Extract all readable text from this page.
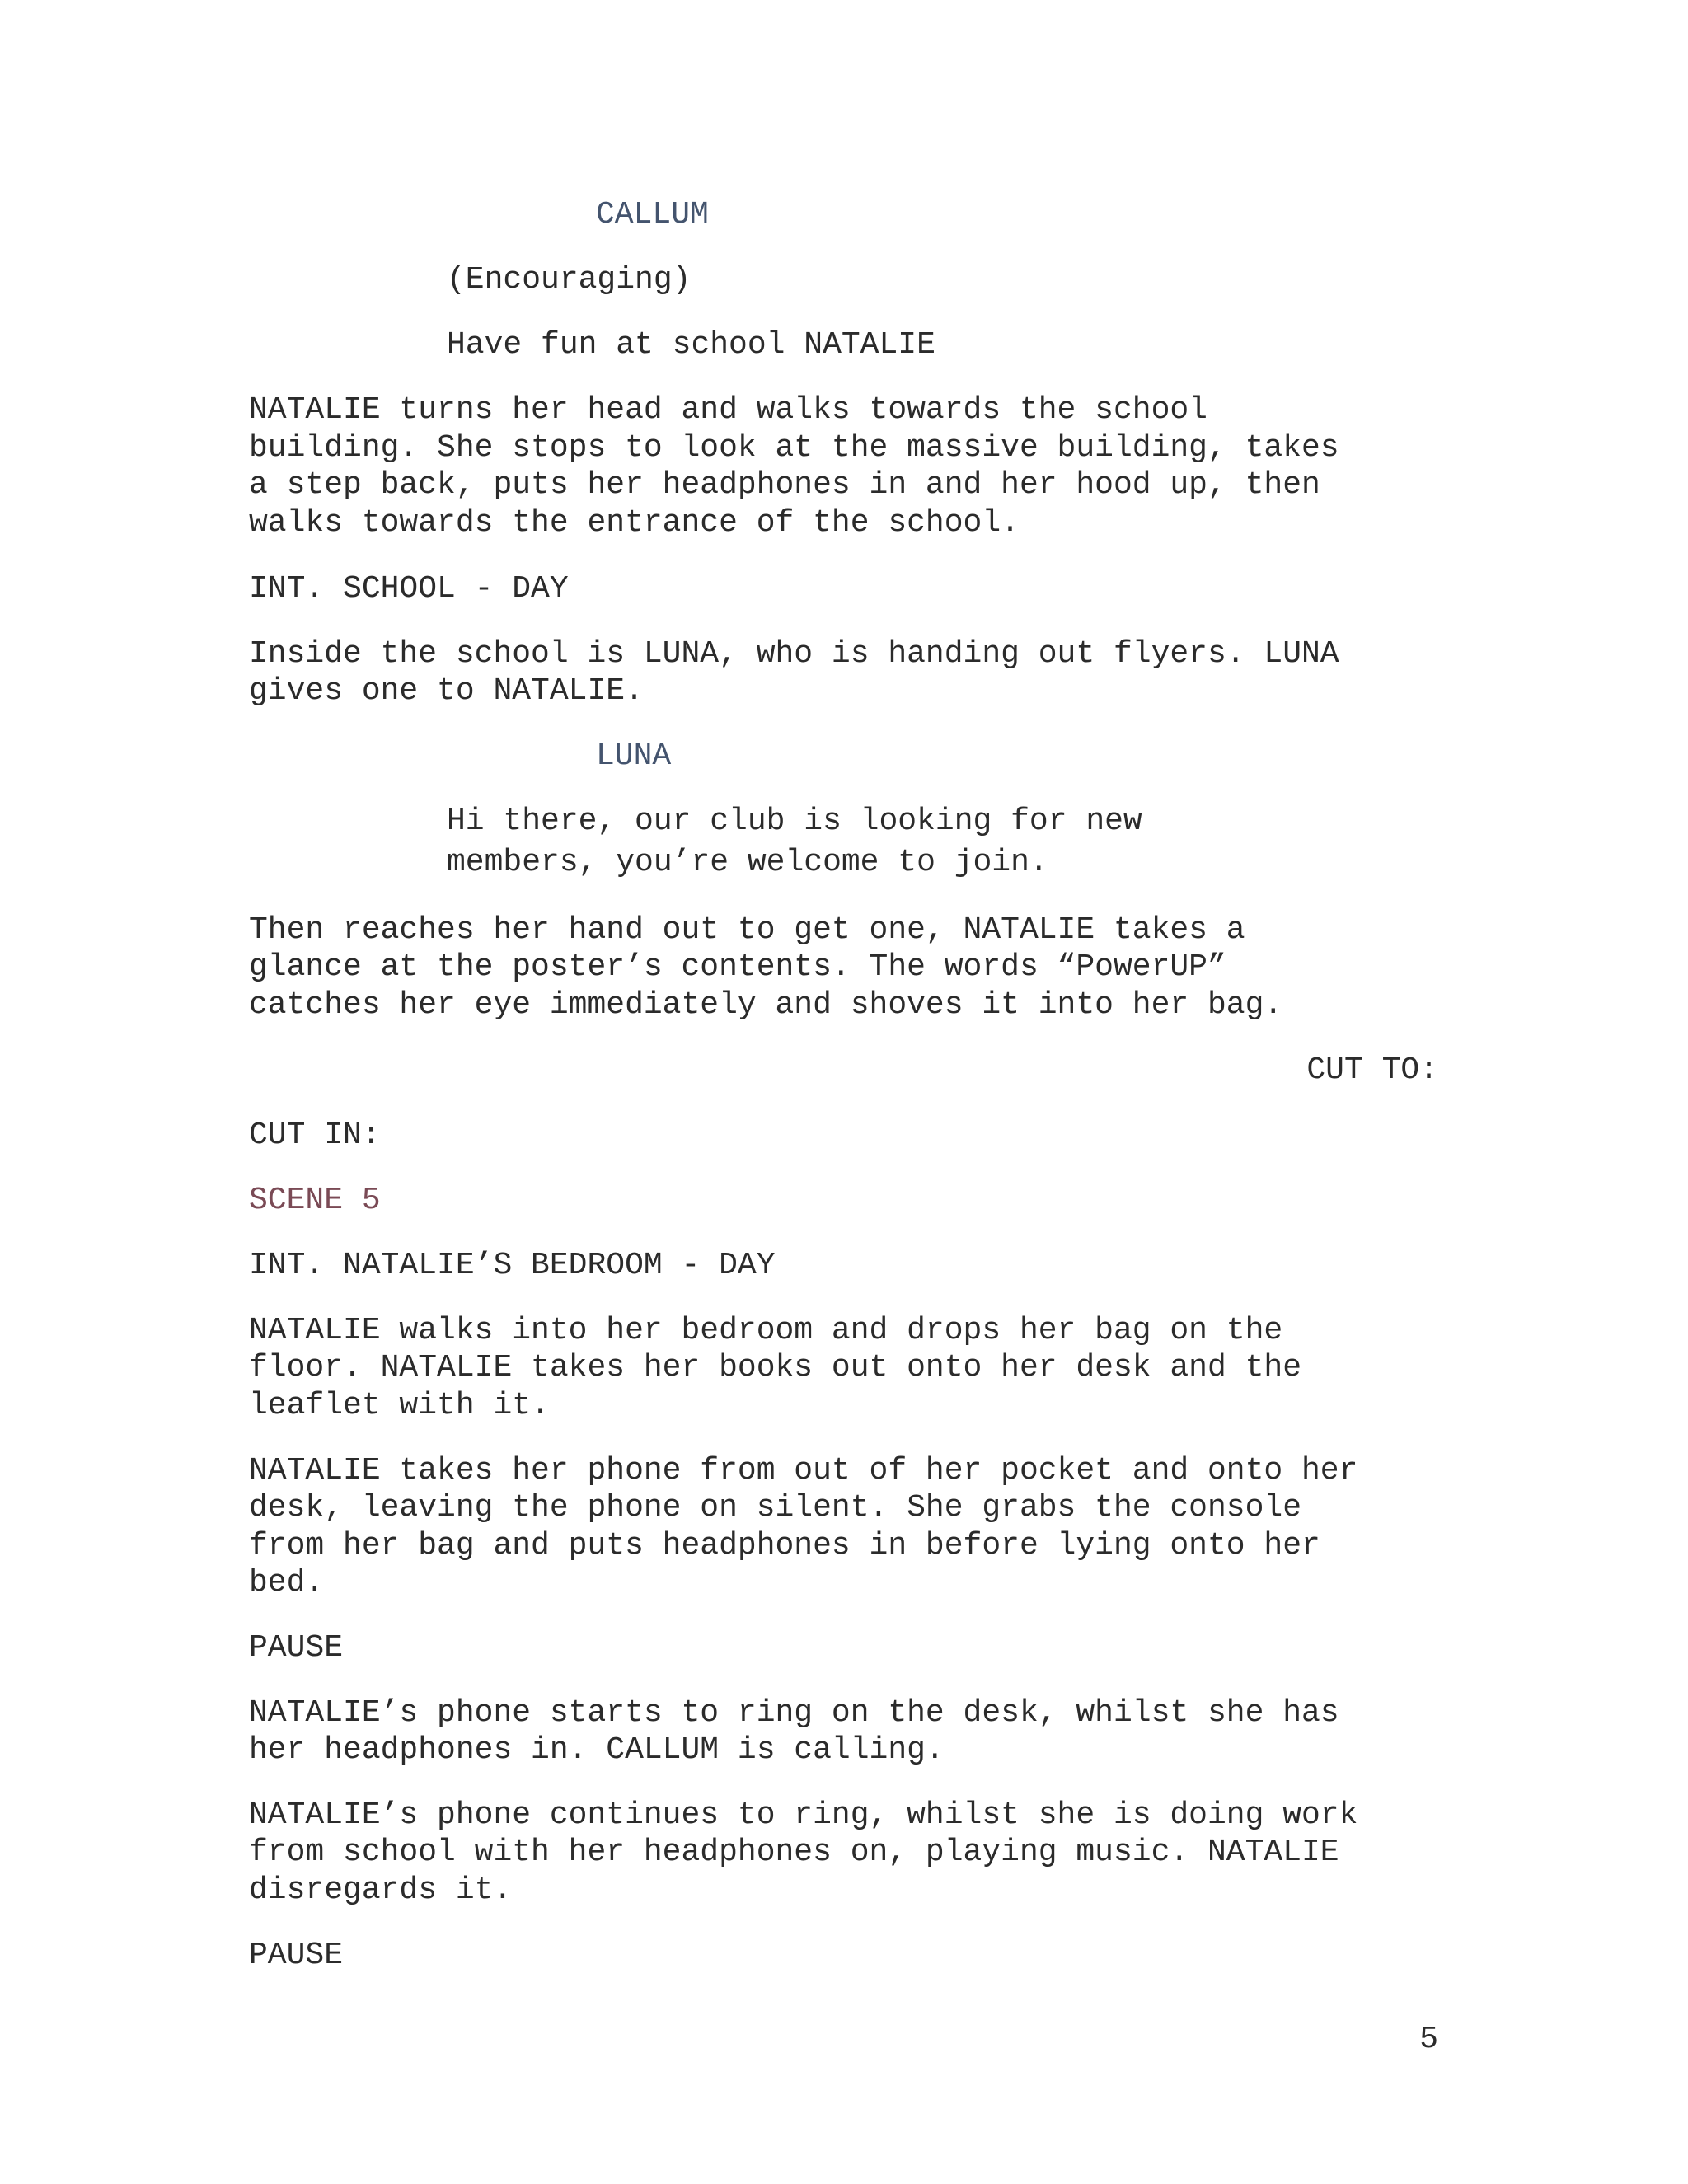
CALLUM

(Encouraging)

Have fun at school NATALIE

NATALIE turns her head and walks towards the school

building. She stops to look at the massive building, takes

a step back, puts her headphones in and her hood up, then

walks towards the entrance of the school.

INT. SCHOOL - DAY

Inside the school is LUNA, who is handing out flyers. LUNA

gives one to NATALIE.

LUNA

Hi there, our club is looking for new

members, you’re welcome to join.

Then reaches her hand out to get one, NATALIE takes a

glance at the poster’s contents. The words “PowerUP”

catches her eye immediately and shoves it into her bag.

CUT TO:

CUT IN:

SCENE 5

INT. NATALIE’S BEDROOM - DAY

NATALIE walks into her bedroom and drops her bag on the

floor. NATALIE takes her books out onto her desk and the

leaflet with it.

NATALIE takes her phone from out of her pocket and onto her

desk, leaving the phone on silent. She grabs the console

from her bag and puts headphones in before lying onto her

bed.

PAUSE

NATALIE’s phone starts to ring on the desk, whilst she has

her headphones in. CALLUM is calling.

NATALIE’s phone continues to ring, whilst she is doing work

from school with her headphones on, playing music. NATALIE

disregards it.

PAUSE

5
